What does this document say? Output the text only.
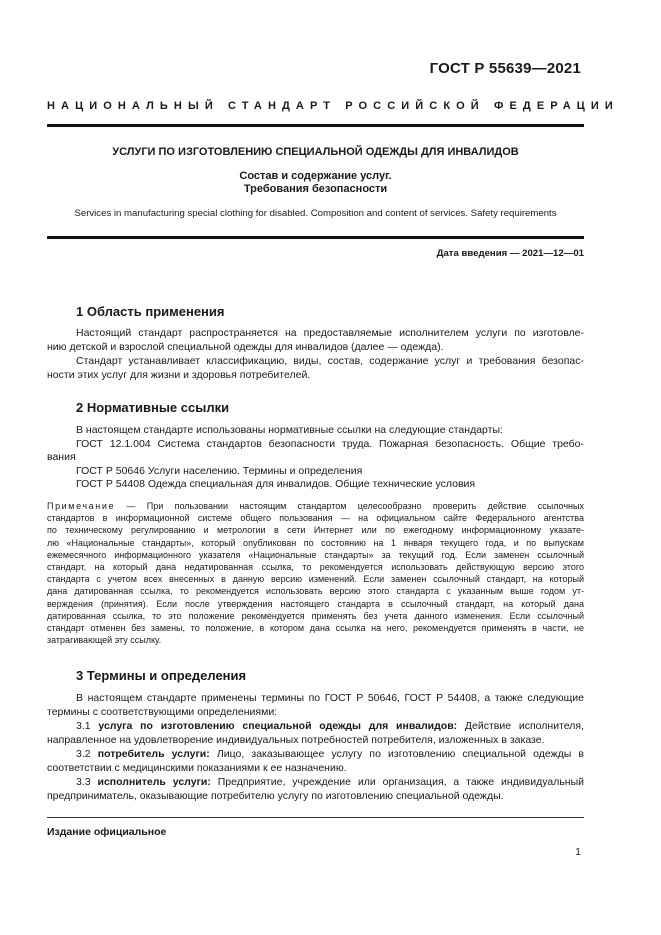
ГОСТ Р 55639—2021
НАЦИОНАЛЬНЫЙ СТАНДАРТ РОССИЙСКОЙ ФЕДЕРАЦИИ
УСЛУГИ ПО ИЗГОТОВЛЕНИЮ СПЕЦИАЛЬНОЙ ОДЕЖДЫ ДЛЯ ИНВАЛИДОВ
Состав и содержание услуг.
Требования безопасности
Services in manufacturing special clothing for disabled. Composition and content of services. Safety requirements
Дата введения — 2021—12—01
1 Область применения
Настоящий стандарт распространяется на предоставляемые исполнителем услуги по изготовле-
нию детской и взрослой специальной одежды для инвалидов (далее — одежда).
Стандарт устанавливает классификацию, виды, состав, содержание услуг и требования безопас-
ности этих услуг для жизни и здоровья потребителей.
2 Нормативные ссылки
В настоящем стандарте использованы нормативные ссылки на следующие стандарты:
ГОСТ 12.1.004 Система стандартов безопасности труда. Пожарная безопасность. Общие требо-
вания
ГОСТ Р 50646 Услуги населению. Термины и определения
ГОСТ Р 54408 Одежда специальная для инвалидов. Общие технические условия
Примечание — При пользовании настоящим стандартом целесообразно проверить действие ссылочных
стандартов в информационной системе общего пользования — на официальном сайте Федерального агентства
по техническому регулированию и метрологии в сети Интернет или по ежегодному информационному указате-
лю «Национальные стандарты», который опубликован по состоянию на 1 января текущего года, и по выпускам
ежемесячного информационного указателя «Национальные стандарты» за текущий год. Если заменен ссылочный
стандарт, на который дана недатированная ссылка, то рекомендуется использовать действующую версию этого
стандарта с учетом всех внесенных в данную версию изменений. Если заменен ссылочный стандарт, на который
дана датированная ссылка, то рекомендуется использовать версию этого стандарта с указанным выше годом ут-
верждения (принятия). Если после утверждения настоящего стандарта в ссылочный стандарт, на который дана
датированная ссылка, то это положение рекомендуется применять без учета данного изменения. Если ссылочный
стандарт отменен без замены, то положение, в котором дана ссылка на него, рекомендуется применять в части, не
затрагивающей эту ссылку.
3 Термины и определения
В настоящем стандарте применены термины по ГОСТ Р 50646, ГОСТ Р 54408, а также следующие
термины с соответствующими определениями:
3.1 услуга по изготовлению специальной одежды для инвалидов: Действие исполнителя,
направленное на удовлетворение индивидуальных потребностей потребителя, изложенных в заказе.
3.2 потребитель услуги: Лицо, заказывающее услугу по изготовлению специальной одежды в
соответствии с медицинскими показаниями к ее назначению.
3.3 исполнитель услуги: Предприятие, учреждение или организация, а также индивидуальный
предприниматель, оказывающие потребителю услугу по изготовлению специальной одежды.
Издание официальное
1
